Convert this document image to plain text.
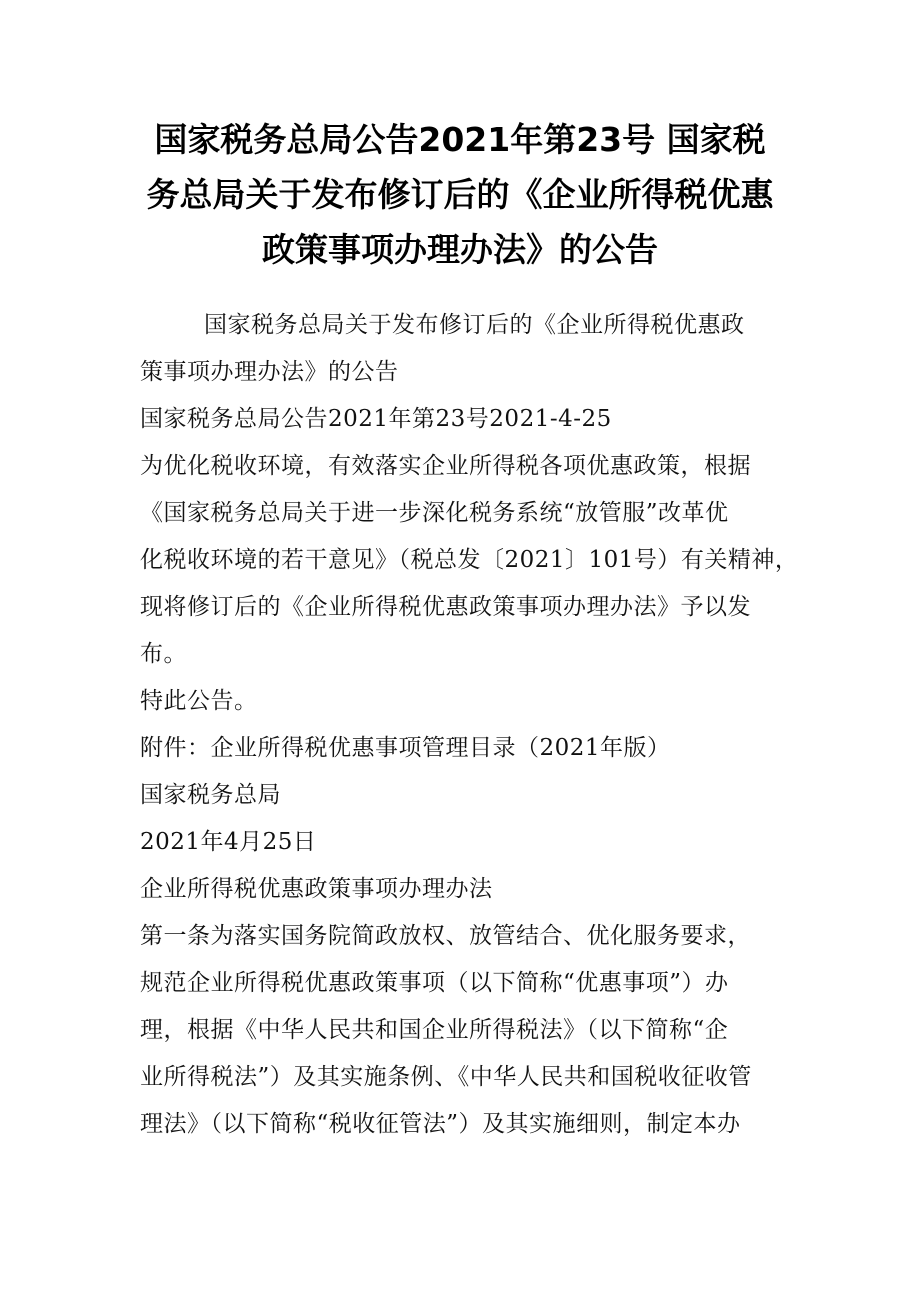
国家税务总局公告2021年第23号 国家税
务总局关于发布修订后的《企业所得税优惠
政策事项办理办法》的公告
国家税务总局关于发布修订后的《企业所得税优惠政
策事项办理办法》的公告
国家税务总局公告2021年第23号2021-4-25
为优化税收环境，有效落实企业所得税各项优惠政策，根据
《国家税务总局关于进一步深化税务系统“放管服”改革优
化税收环境的若干意见》（税总发〔2021〕101号）有关精神，
现将修订后的《企业所得税优惠政策事项办理办法》予以发
布。
特此公告。
附件：企业所得税优惠事项管理目录（2021年版）
国家税务总局
2021年4月25日
企业所得税优惠政策事项办理办法
第一条为落实国务院简政放权、放管结合、优化服务要求，
规范企业所得税优惠政策事项（以下简称“优惠事项”）办
理，根据《中华人民共和国企业所得税法》（以下简称“企
业所得税法”）及其实施条例、《中华人民共和国税收征收管
理法》（以下简称“税收征管法”）及其实施细则，制定本办
